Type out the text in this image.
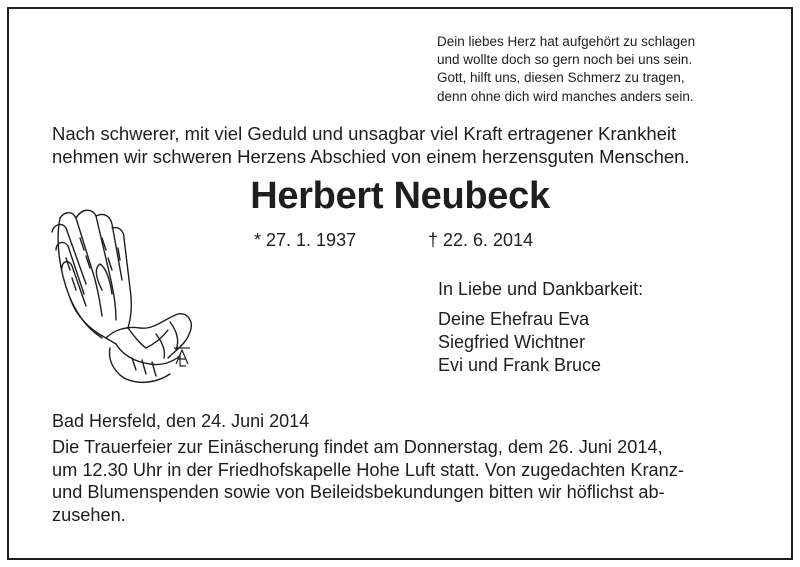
Dein liebes Herz hat aufgehört zu schlagen
und wollte doch so gern noch bei uns sein.
Gott, hilft uns, diesen Schmerz zu tragen,
denn ohne dich wird manches anders sein.
Nach schwerer, mit viel Geduld und unsagbar viel Kraft ertragener Krankheit
nehmen wir schweren Herzens Abschied von einem herzensguten Menschen.
Herbert Neubeck
* 27. 1. 1937	† 22. 6. 2014
In Liebe und Dankbarkeit:
Deine Ehefrau Eva
Siegfried Wichtner
Evi und Frank Bruce
Bad Hersfeld, den 24. Juni 2014
Die Trauerfeier zur Einäscherung findet am Donnerstag, dem 26. Juni 2014,
um 12.30 Uhr in der Friedhofskapelle Hohe Luft statt. Von zugedachten Kranz-
und Blumenspenden sowie von Beileidsbekundungen bitten wir höflichst ab-
zusehen.
